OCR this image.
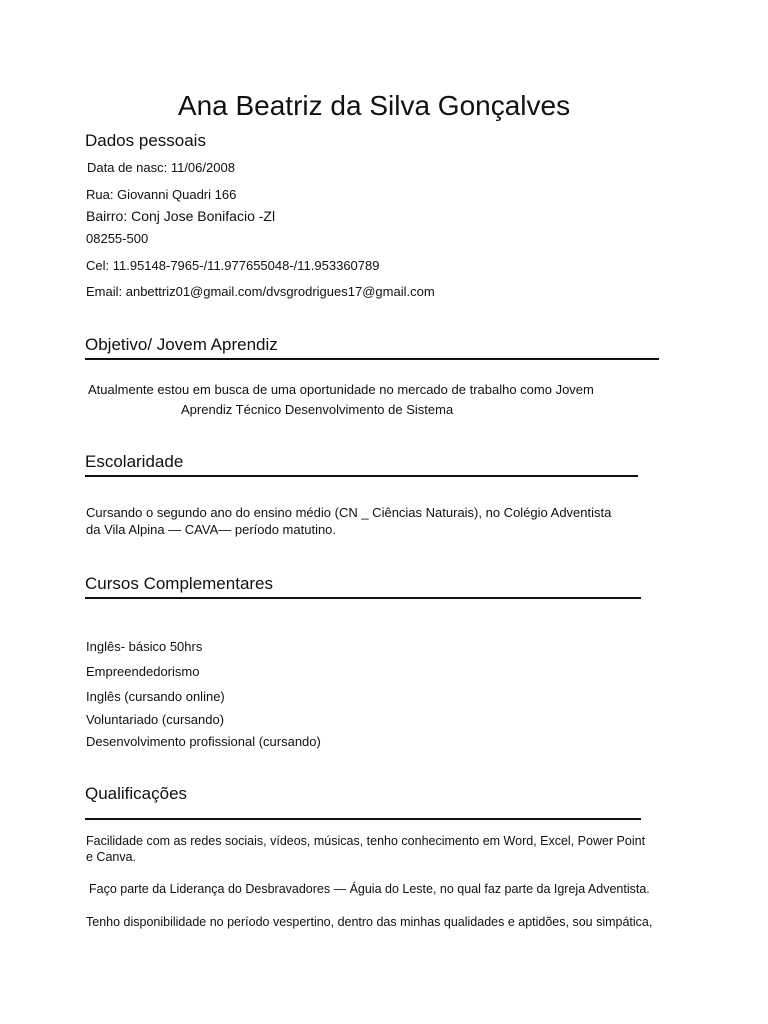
Ana Beatriz da Silva Gonçalves
Dados pessoais
Data de nasc: 11/06/2008
Rua: Giovanni Quadri 166
Bairro: Conj Jose Bonifacio -Zl
08255-500
Cel: 11.95148-7965-/11.977655048-/11.953360789
Email: anbettriz01@gmail.com/dvsgrodrigues17@gmail.com
Objetivo/ Jovem Aprendiz
Atualmente estou em busca de uma oportunidade no mercado de trabalho como Jovem
Aprendiz Técnico Desenvolvimento de Sistema
Escolaridade
Cursando o segundo ano do ensino médio (CN _ Ciências Naturais), no Colégio Adventista
da Vila Alpina — CAVA— período matutino.
Cursos Complementares
Inglês- básico 50hrs
Empreendedorismo
Inglês (cursando online)
Voluntariado (cursando)
Desenvolvimento profissional (cursando)
Qualificações
Facilidade com as redes sociais, vídeos, músicas, tenho conhecimento em Word, Excel, Power Point
e Canva.
Faço parte da Liderança do Desbravadores — Águia do Leste, no qual faz parte da Igreja Adventista.
Tenho disponibilidade no período vespertino, dentro das minhas qualidades e aptidões, sou simpática,
